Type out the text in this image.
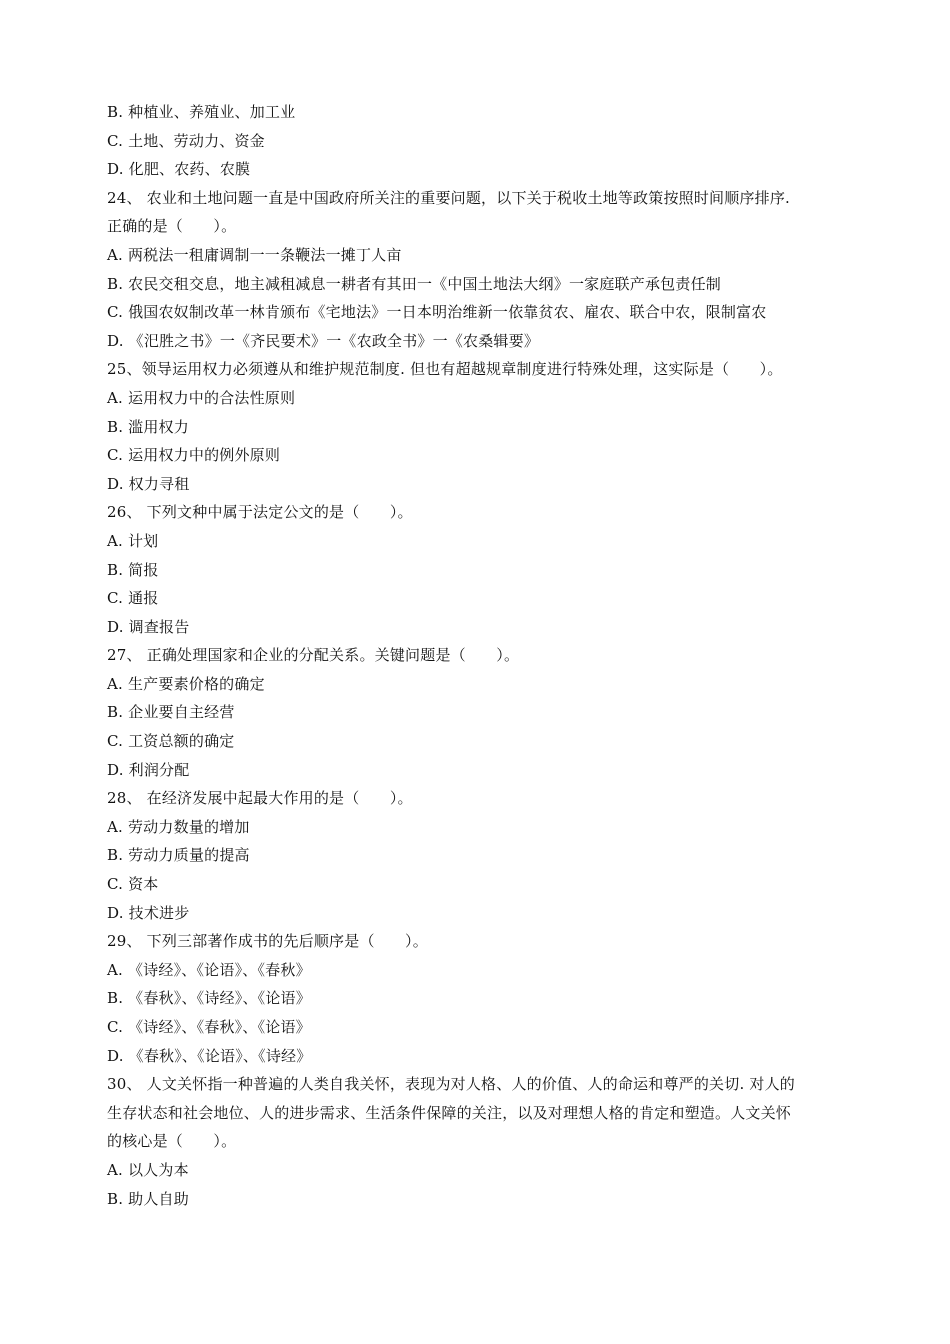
B. 种植业、养殖业、加工业
C. 土地、劳动力、资金
D. 化肥、农药、农膜
24、 农业和土地问题一直是中国政府所关注的重要问题，以下关于税收土地等政策按照时间顺序排序.
正确的是（　　）。
A. 两税法一租庸调制一一条鞭法一摊丁人亩
B. 农民交租交息，地主减租减息一耕者有其田一《中国土地法大纲》一家庭联产承包责任制
C. 俄国农奴制改革一林肯颁布《宅地法》一日本明治维新一依靠贫农、雇农、联合中农，限制富农
D. 《汜胜之书》一《齐民要术》一《农政全书》一《农桑辑要》
25、领导运用权力必须遵从和维护规范制度. 但也有超越规章制度进行特殊处理，这实际是（　　）。
A. 运用权力中的合法性原则
B. 滥用权力
C. 运用权力中的例外原则
D. 权力寻租
26、 下列文种中属于法定公文的是（　　）。
A. 计划
B. 简报
C. 通报
D. 调查报告
27、 正确处理国家和企业的分配关系。关键问题是（　　）。
A. 生产要素价格的确定
B. 企业要自主经营
C. 工资总额的确定
D. 利润分配
28、 在经济发展中起最大作用的是（　　）。
A. 劳动力数量的增加
B. 劳动力质量的提高
C. 资本
D. 技术进步
29、 下列三部著作成书的先后顺序是（　　）。
A. 《诗经》、《论语》、《春秋》
B. 《春秋》、《诗经》、《论语》
C. 《诗经》、《春秋》、《论语》
D. 《春秋》、《论语》、《诗经》
30、 人文关怀指一种普遍的人类自我关怀，表现为对人格、人的价值、人的命运和尊严的关切. 对人的
生存状态和社会地位、人的进步需求、生活条件保障的关注，以及对理想人格的肯定和塑造。人文关怀
的核心是（　　）。
A. 以人为本
B. 助人自助
